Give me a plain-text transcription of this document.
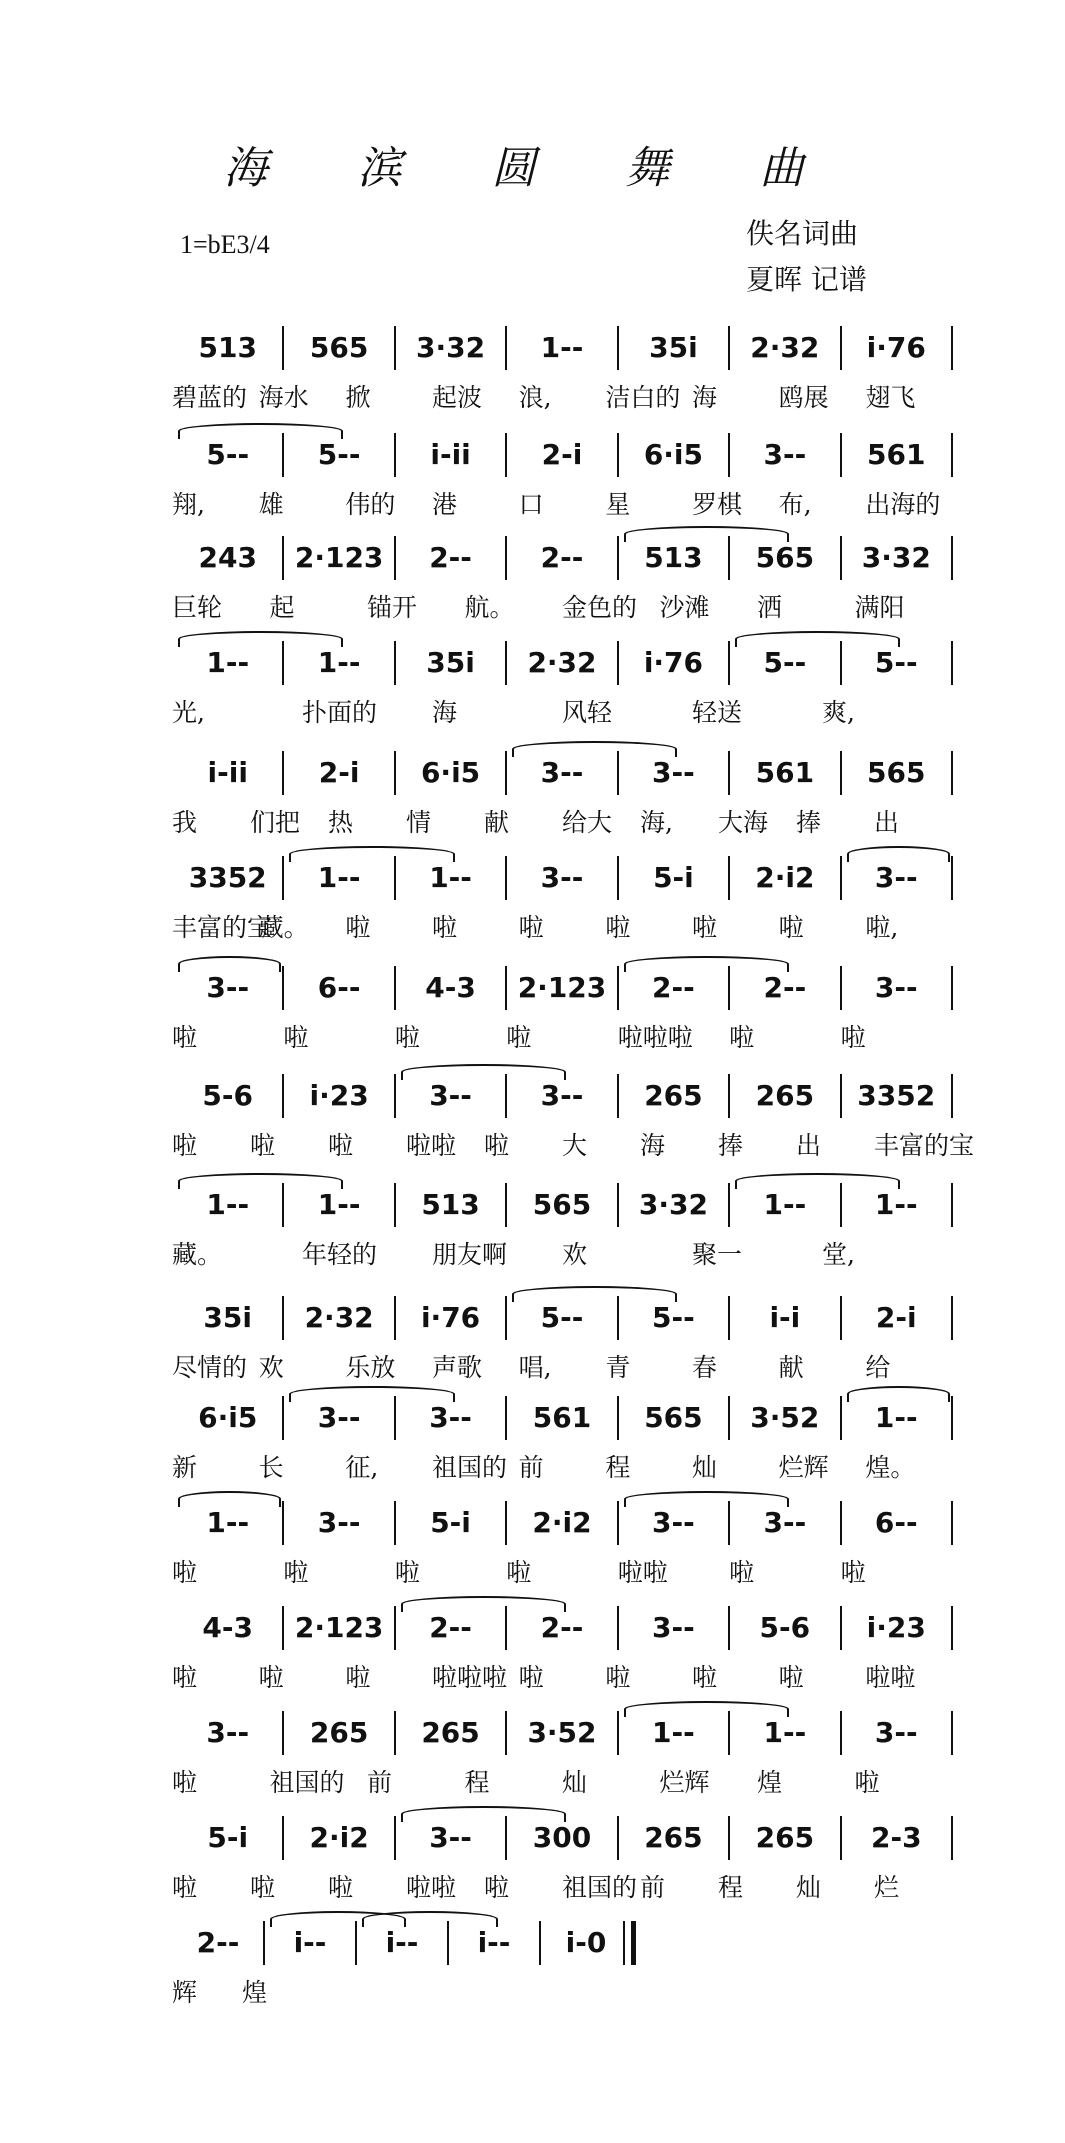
海 滨 圆 舞 曲
1=bE3/4	佚名词曲
夏晖 记谱
513	565	3·32	1--	35i	2·32	i·76
碧蓝的 海水 掀 起波 浪, 洁白的 海 鸥展 翅飞
5--	5--	i-ii	2-i	6·i5	3--	561
翔, 雄 伟的 港 口 星 罗棋 布, 出海的
243	2·123	2--	2--	513	565	3·32
巨轮 起	锚开 航。 金色的 沙滩 洒	满阳
1--	1--	35i	2·32	i·76	5--	5--
光,	扑面的 海	风轻	轻送	爽,
i-ii	2-i	6·i5	3--	3--	561	565
我 们把 热 情 献 给大 海, 大海 捧 出
3352	1--	1--	3--	5-i	2·i2	3--
丰富的宝
藏。 啦 啦 啦 啦 啦 啦 啦,
3--	6--	4-3	2·123	2--	2--	3--
啦	啦	啦	啦	啦啦啦 啦	啦
5-6	i·23	3--	3--	265	265	3352
啦 啦 啦 啦啦 啦 大 海 捧 出 丰富的宝
1--	1--	513	565	3·32	1--	1--
藏。	年轻的 朋友啊 欢	聚一	堂,
35i	2·32	i·76	5--	5--	i-i	2-i
尽情的 欢 乐放 声歌 唱, 青 春 献 给
6·i5	3--	3--	561	565	3·52	1--
新 长 征, 祖国的 前 程 灿 烂辉 煌。
1--	3--	5-i	2·i2	3--	3--	6--
啦	啦	啦	啦	啦啦 啦	啦
4-3	2·123	2--	2--	3--	5-6	i·23
啦 啦 啦 啦啦啦 啦 啦 啦 啦 啦啦
3--	265	265	3·52	1--	1--	3--
啦	祖国的 前	程	灿	烂辉 煌	啦
5-i	2·i2	3--	300	265	265	2-3
啦 啦 啦 啦啦 啦 祖国的 前 程 灿 烂
2--	i--	i--	i--	i-0
辉 煌
